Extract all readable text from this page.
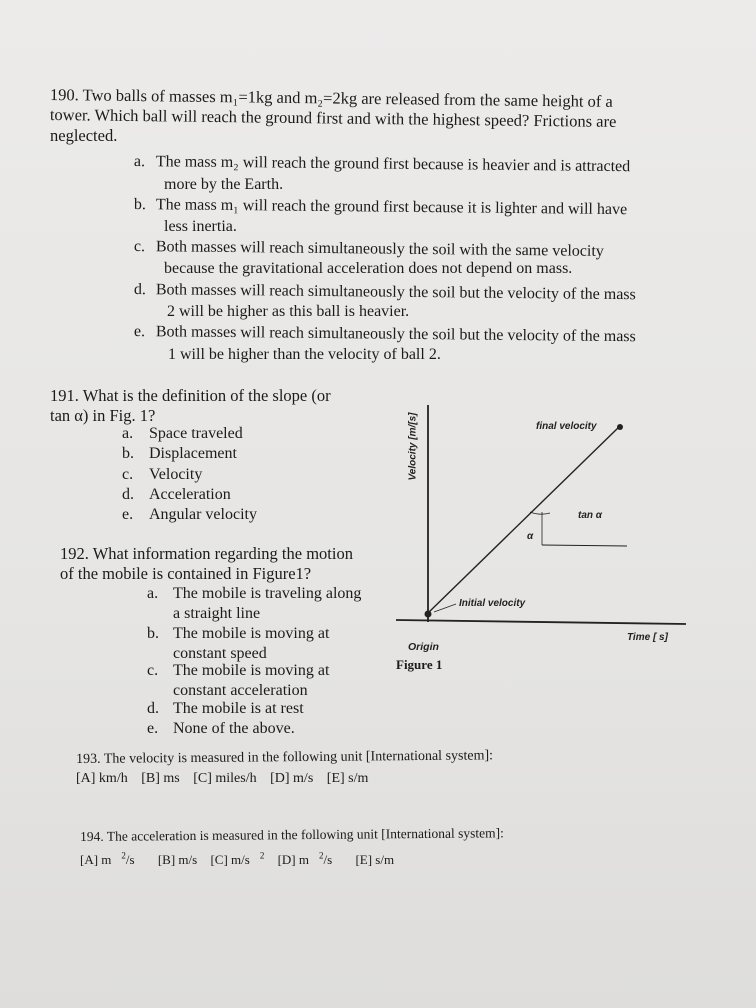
190. Two balls of masses m₁=1kg and m₂=2kg are released from the same height of a
tower. Which ball will reach the ground first and with the highest speed? Frictions are
neglected.
a. The mass m₂ will reach the ground first because is heavier and is attracted
more by the Earth.
b. The mass m₁ will reach the ground first because it is lighter and will have
less inertia.
c. Both masses will reach simultaneously the soil with the same velocity
because the gravitational acceleration does not depend on mass.
d. Both masses will reach simultaneously the soil but the velocity of the mass
2 will be higher as this ball is heavier.
e. Both masses will reach simultaneously the soil but the velocity of the mass
1 will be higher than the velocity of ball 2.
191. What is the definition of the slope (or
tan α) in Fig. 1?
a. Space traveled
b. Displacement
c. Velocity
d. Acceleration
e. Angular velocity
192. What information regarding the motion
of the mobile is contained in Figure1?
a. The mobile is traveling along
a straight line
b. The mobile is moving at
constant speed
c. The mobile is moving at
constant acceleration
d. The mobile is at rest
e. None of the above.
Velocity [m/[s]	final velocity
tan α
α
Initial velocity
Time [ s]
Origin
Figure 1
193. The velocity is measured in the following unit [International system]:
[A] km/h [B] ms [C] miles/h [D] m/s [E] s/m
194. The acceleration is measured in the following unit [International system]:
[A] m $^2$/s [B] m/s [C] m/s $^2$ [D] m $^2$/s [E] s/m
